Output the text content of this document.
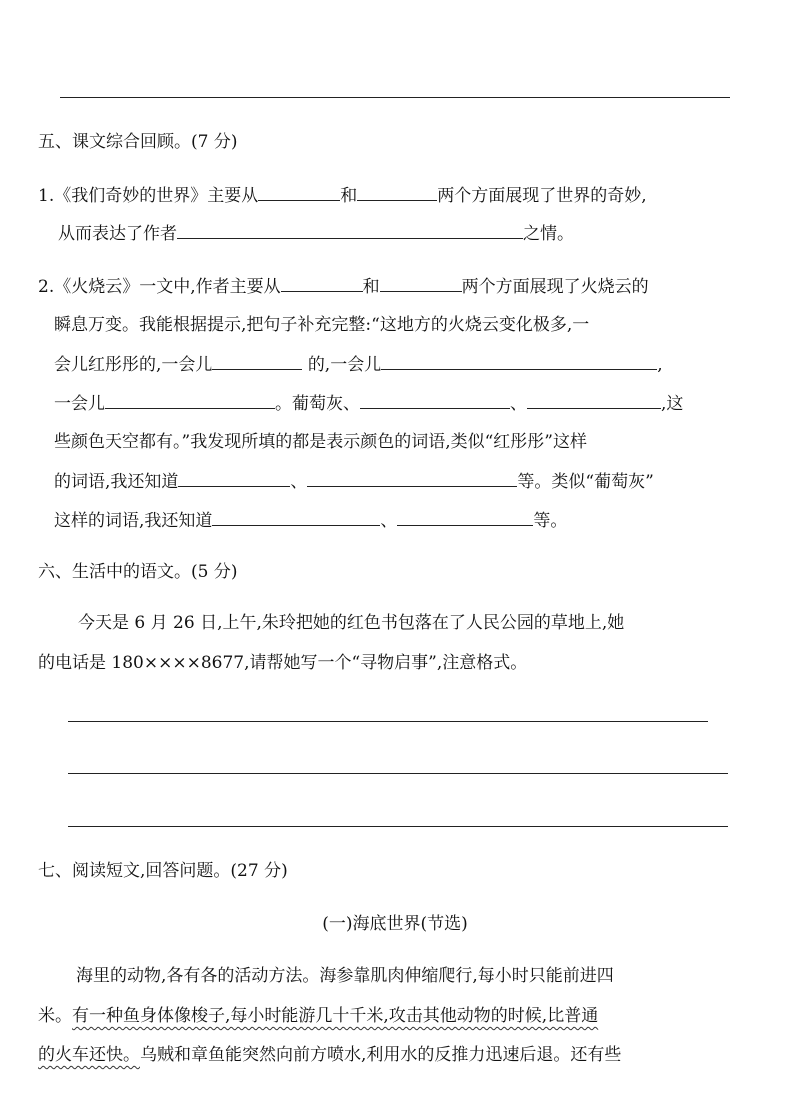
五、课文综合回顾。(7 分)
1.《我们奇妙的世界》主要从	和	两个方面展现了世界的奇妙,
从而表达了作者	之情。
2.《火烧云》一文中,作者主要从	和	两个方面展现了火烧云的
瞬息万变。我能根据提示,把句子补充完整:“这地方的火烧云变化极多,一
会儿红彤彤的,一会儿	的,一会儿	,
一会儿	。葡萄灰、	、	,这
些颜色天空都有。”我发现所填的都是表示颜色的词语,类似“红彤彤”这样
的词语,我还知道	、	等。类似“葡萄灰”
这样的词语,我还知道	、	等。
六、生活中的语文。(5 分)
今天是 6 月 26 日,上午,朱玲把她的红色书包落在了人民公园的草地上,她
的电话是 180××××8677,请帮她写一个“寻物启事”,注意格式。
七、阅读短文,回答问题。(27 分)
(一)海底世界(节选)
海里的动物,各有各的活动方法。海参靠肌肉伸缩爬行,每小时只能前进四
米。有一种鱼身体像梭子,每小时能游几十千米,攻击其他动物的时候,比普通
的火车还快。乌贼和章鱼能突然向前方喷水,利用水的反推力迅速后退。还有些
